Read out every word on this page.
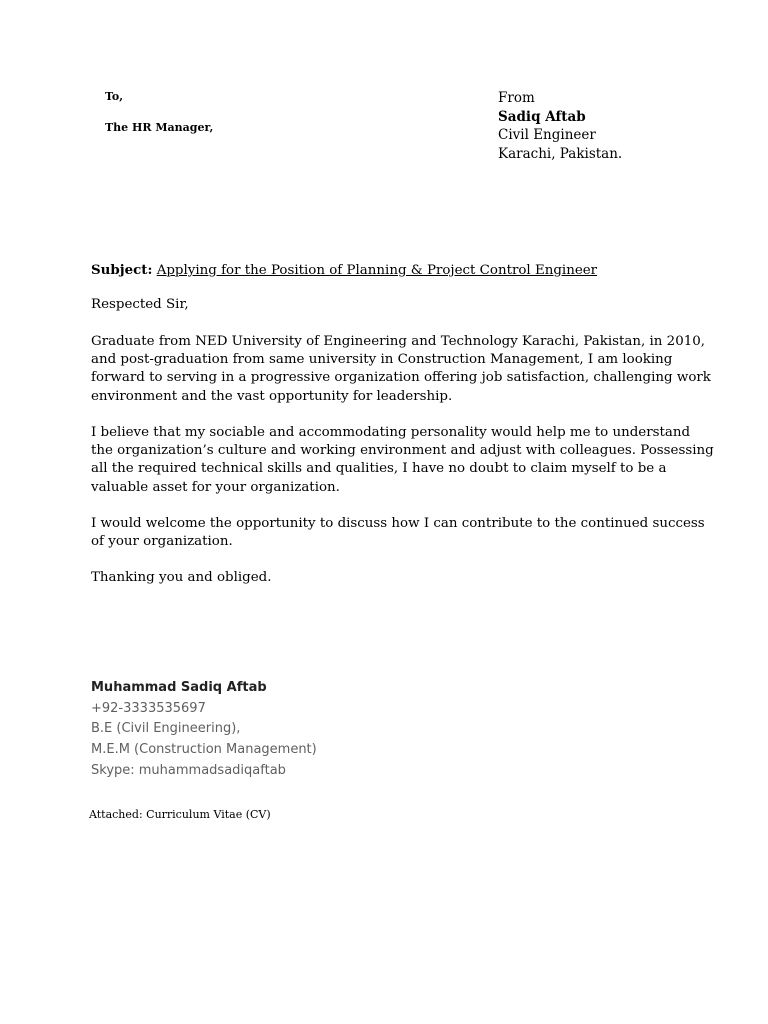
To,
The HR Manager,
From
Sadiq Aftab
Civil Engineer
Karachi, Pakistan.
Subject: Applying for the Position of Planning & Project Control Engineer
Respected Sir,
Graduate from NED University of Engineering and Technology Karachi, Pakistan, in 2010,
and post-graduation from same university in Construction Management, I am looking
forward to serving in a progressive organization offering job satisfaction, challenging work
environment and the vast opportunity for leadership.
I believe that my sociable and accommodating personality would help me to understand
the organization’s culture and working environment and adjust with colleagues. Possessing
all the required technical skills and qualities, I have no doubt to claim myself to be a
valuable asset for your organization.
I would welcome the opportunity to discuss how I can contribute to the continued success
of your organization.
Thanking you and obliged.
Muhammad Sadiq Aftab
+92-3333535697
B.E (Civil Engineering),
M.E.M (Construction Management)
Skype: muhammadsadiqaftab
Attached: Curriculum Vitae (CV)
